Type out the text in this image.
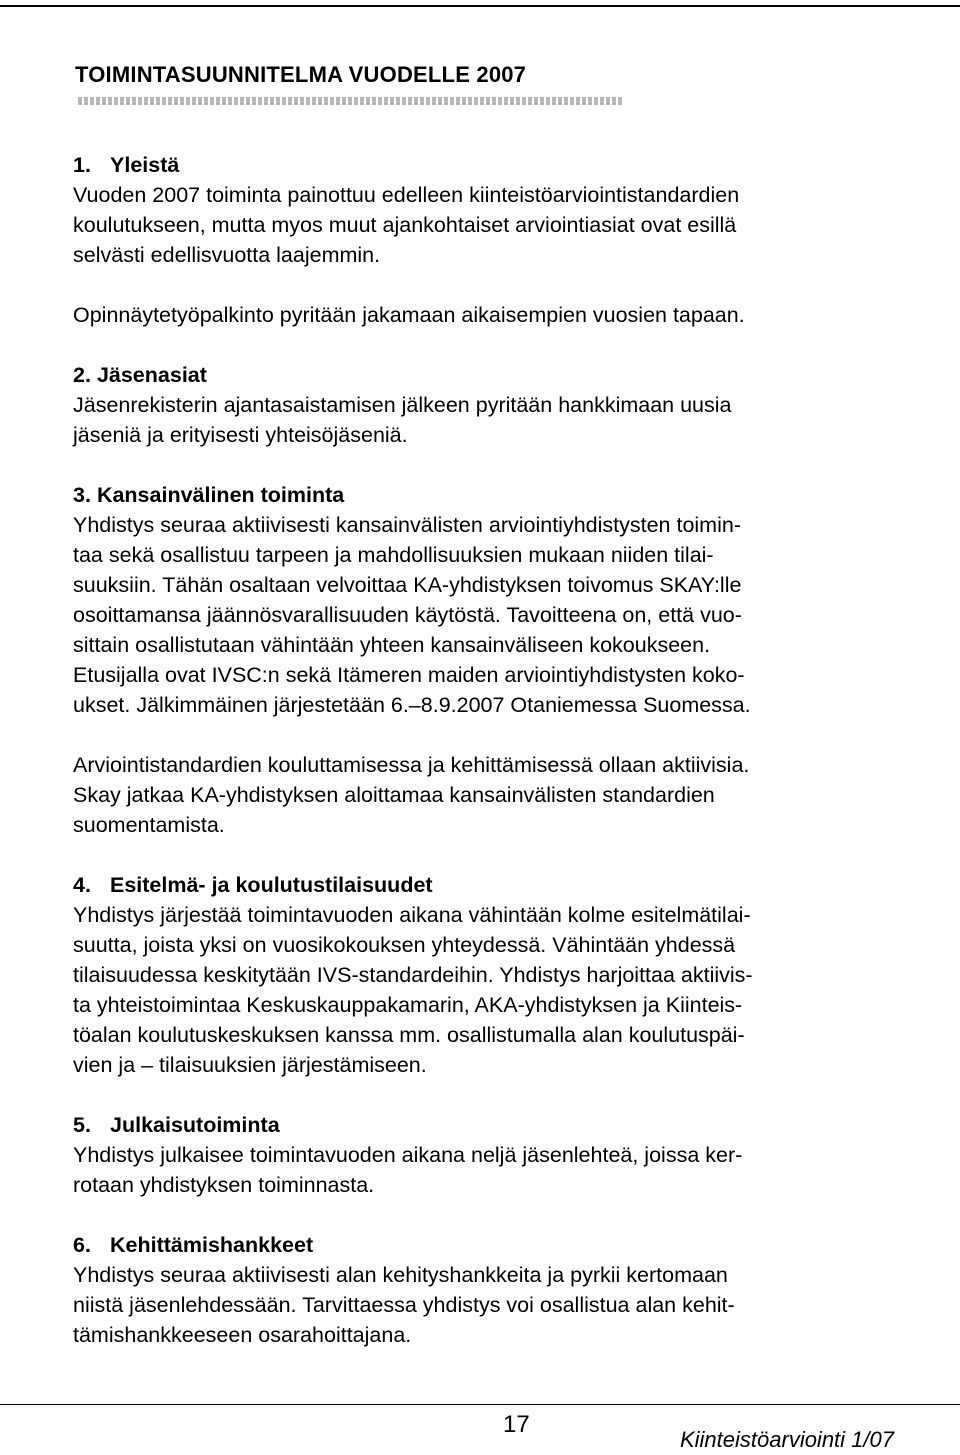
TOIMINTASUUNNITELMA VUODELLE 2007
1. Yleistä
Vuoden 2007 toiminta painottuu edelleen kiinteistöarviointistandardien
koulutukseen, mutta myos muut ajankohtaiset arviointiasiat ovat esillä
selvästi edellisvuotta laajemmin.
Opinnäytetyöpalkinto pyritään jakamaan aikaisempien vuosien tapaan.
2. Jäsenasiat
Jäsenrekisterin ajantasaistamisen jälkeen pyritään hankkimaan uusia
jäseniä ja erityisesti yhteisöjäseniä.
3. Kansainvälinen toiminta
Yhdistys seuraa aktiivisesti kansainvälisten arviointiyhdistysten toimin-
taa sekä osallistuu tarpeen ja mahdollisuuksien mukaan niiden tilai-
suuksiin. Tähän osaltaan velvoittaa KA-yhdistyksen toivomus SKAY:lle
osoittamansa jäännösvarallisuuden käytöstä. Tavoitteena on, että vuo-
sittain osallistutaan vähintään yhteen kansainväliseen kokoukseen.
Etusijalla ovat IVSC:n sekä Itämeren maiden arviointiyhdistysten koko-
ukset. Jälkimmäinen järjestetään 6.–8.9.2007 Otaniemessa Suomessa.
Arviointistandardien kouluttamisessa ja kehittämisessä ollaan aktiivisia.
Skay jatkaa KA-yhdistyksen aloittamaa kansainvälisten standardien
suomentamista.
4. Esitelmä- ja koulutustilaisuudet
Yhdistys järjestää toimintavuoden aikana vähintään kolme esitelmätilai-
suutta, joista yksi on vuosikokouksen yhteydessä. Vähintään yhdessä
tilaisuudessa keskitytään IVS-standardeihin. Yhdistys harjoittaa aktiivis-
ta yhteistoimintaa Keskuskauppakamarin, AKA-yhdistyksen ja Kiinteis-
töalan koulutuskeskuksen kanssa mm. osallistumalla alan koulutuspäi-
vien ja – tilaisuuksien järjestämiseen.
5. Julkaisutoiminta
Yhdistys julkaisee toimintavuoden aikana neljä jäsenlehteä, joissa ker-
rotaan yhdistyksen toiminnasta.
6. Kehittämishankkeet
Yhdistys seuraa aktiivisesti alan kehityshankkeita ja pyrkii kertomaan
niistä jäsenlehdessään. Tarvittaessa yhdistys voi osallistua alan kehit-
tämishankkeeseen osarahoittajana.
17
Kiinteistöarviointi 1/07
